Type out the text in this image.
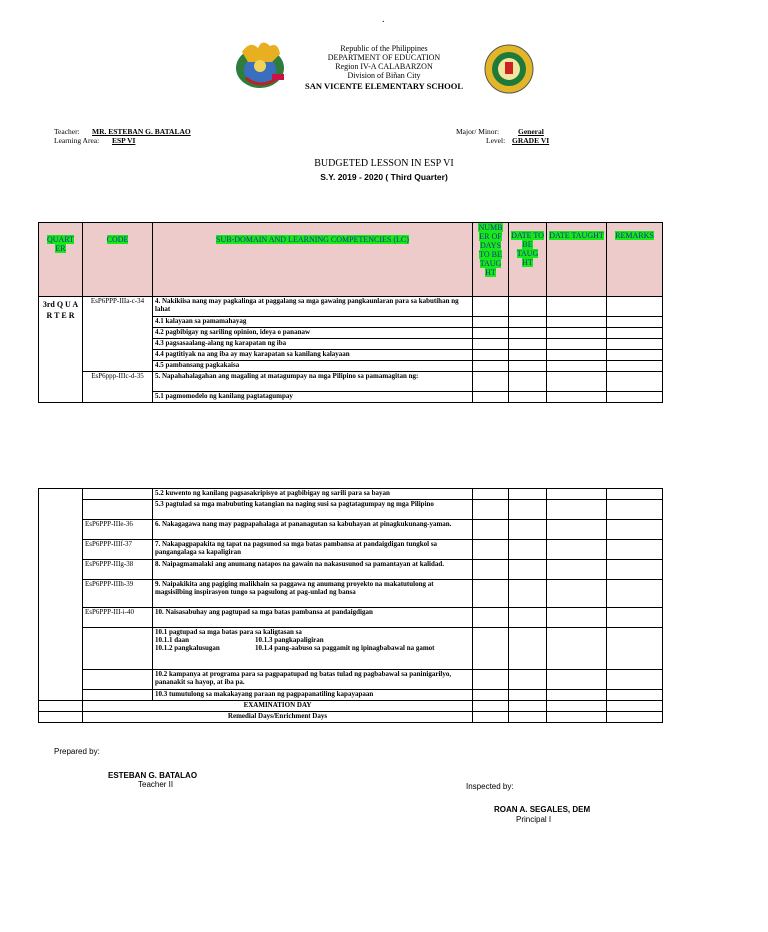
.
Republic of the Philippines
DEPARTMENT OF EDUCATION
Region IV-A CALABARZON
Division of Biñan City
SAN VICENTE ELEMENTARY SCHOOL
Teacher: MR. ESTEBAN G. BATALAO
Learning Area: ESP VI
Major/ Minor:	General
Level: GRADE VI
BUDGETED LESSON IN ESP VI
S.Y. 2019 - 2020 ( Third Quarter)
QUART ER	CODE	SUB-DOMAIN AND LEARNING COMPETENCIES (LC)	NUMB ER OF DAYS TO BE TAUG HT	DATE TO BE TAUG HT	DATE TAUGHT	REMARKS
3rd Q U A R T E R	EsP6PPP-IIIa-c-34	4. Nakikiisa nang may pagkalinga at paggalang sa mga gawaing pangkaunlaran para sa kabutihan ng lahat				
		4.1 kalayaan sa pamamahayag				
		4.2 pagbibigay ng sariling opinion, ideya o pananaw				
		4.3 pagsasaalang-alang ng karapatan ng iba				
		4.4 pagtitiyak na ang iba ay may karapatan sa kanilang kalayaan				
		4.5 pambansang pagkakaisa				
	EsP6ppp-IIIc-d-35	5. Napahahalagahan ang magaling at matagumpay na mga Pilipino sa pamamagitan ng:				
		5.1 pagmomodelo ng kanilang pagtatagumpay				
		5.2 kuwento ng kanilang pagsasakripisyo at pagbibigay ng sarili para sa bayan				
		5.3 pagtulad sa mga mabubuting katangian na naging susi sa pagtatagumpay ng mga Pilipino				
	EsP6PPP-IIIe-36	6. Nakagagawa nang may pagpapahalaga at pananagutan sa kabuhayan at pinagkukunang-yaman.				
	EsP6PPP-IIIf-37	7. Nakapagpapakita ng tapat na pagsunod sa mga batas pambansa at pandaigdigan tungkol sa pangangalaga sa kapaligiran				
	EsP6PPP-IIIg-38	8. Naipagmamalaki ang anumang natapos na gawain na nakasusunod sa pamantayan at kalidad.				
	EsP6PPP-IIIh-39	9. Naipakikita ang pagiging malikhain sa paggawa ng anumang proyekto na makatutulong at magsisilbing inspirasyon tungo sa pagsulong at pag-unlad ng bansa				
	EsP6PPP-III-i-40	10. Naisasabuhay ang pagtupad sa mga batas pambansa at pandaigdigan				

		10.1 pagtupad sa mga batas para sa kaligtasan sa
10.1.1 daan 10.1.3 pangkapaligiran
10.1.2 pangkalusugan 10.1.4 pang-aabuso sa paggamit ng ipinagbabawal na gamot				

		10.2 kampanya at programa para sa pagpapatupad ng batas tulad ng pagbabawal sa paninigarilyo, pananakit sa hayop, at iba pa.				
		10.3 tumutulong sa makakayang paraan ng pagpapanatiling kapayapaan				
	EXAMINATION DAY					
	Remedial Days/Enrichment Days					
Prepared by:
ESTEBAN G. BATALAO
Teacher II	Inspected by:
ROAN A. SEGALES, DEM
Principal I
